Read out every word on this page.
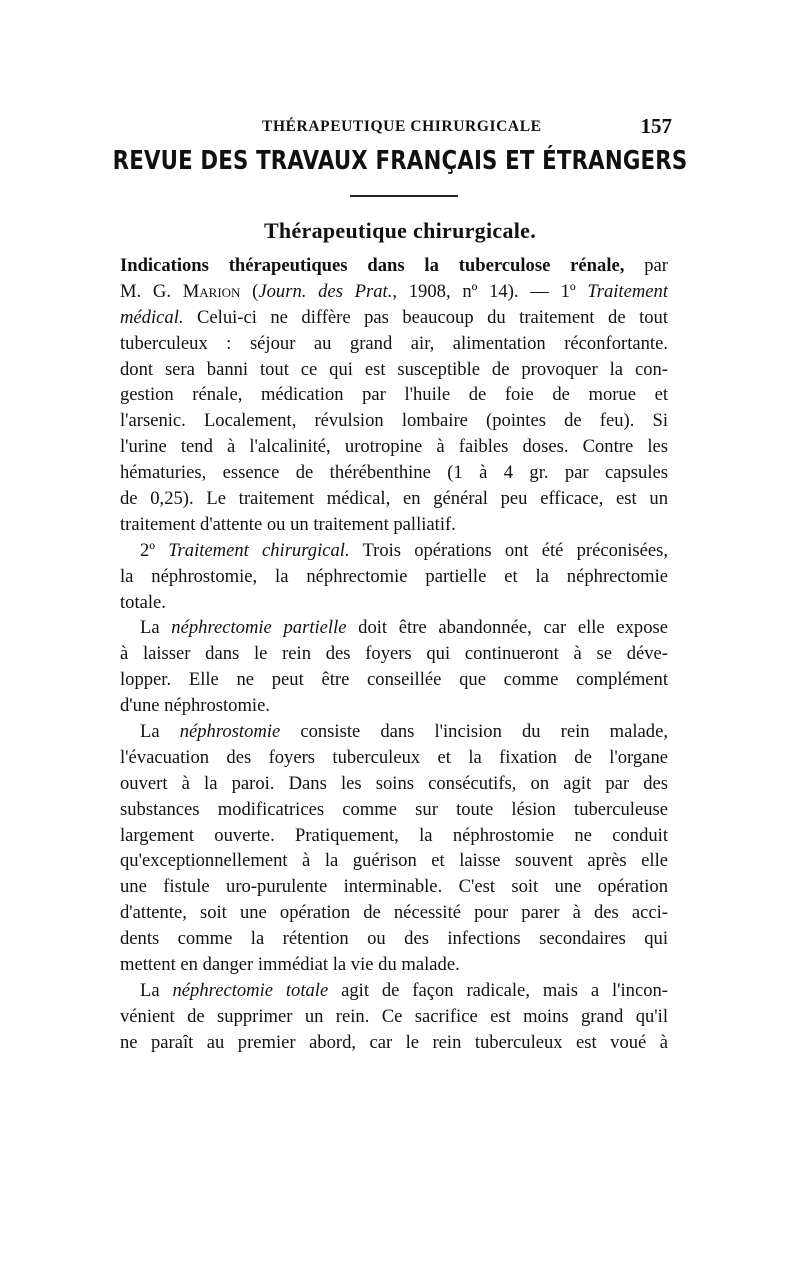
THÉRAPEUTIQUE CHIRURGICALE	157
REVUE DES TRAVAUX FRANÇAIS ET ÉTRANGERS
Thérapeutique chirurgicale.
Indications thérapeutiques dans la tuberculose rénale, par
M. G. Marion (Journ. des Prat., 1908, nº 14). — 1º Traitement
médical. Celui-ci ne diffère pas beaucoup du traitement de tout
tuberculeux : séjour au grand air, alimentation réconfortante.
dont sera banni tout ce qui est susceptible de provoquer la con-
gestion rénale, médication par l'huile de foie de morue et
l'arsenic. Localement, révulsion lombaire (pointes de feu). Si
l'urine tend à l'alcalinité, urotropine à faibles doses. Contre les
hématuries, essence de thérébenthine (1 à 4 gr. par capsules
de 0,25). Le traitement médical, en général peu efficace, est un
traitement d'attente ou un traitement palliatif.
2º Traitement chirurgical. Trois opérations ont été préconisées,
la néphrostomie, la néphrectomie partielle et la néphrectomie
totale.
La néphrectomie partielle doit être abandonnée, car elle expose
à laisser dans le rein des foyers qui continueront à se déve-
lopper. Elle ne peut être conseillée que comme complément
d'une néphrostomie.
La néphrostomie consiste dans l'incision du rein malade,
l'évacuation des foyers tuberculeux et la fixation de l'organe
ouvert à la paroi. Dans les soins consécutifs, on agit par des
substances modificatrices comme sur toute lésion tuberculeuse
largement ouverte. Pratiquement, la néphrostomie ne conduit
qu'exceptionnellement à la guérison et laisse souvent après elle
une fistule uro-purulente interminable. C'est soit une opération
d'attente, soit une opération de nécessité pour parer à des acci-
dents comme la rétention ou des infections secondaires qui
mettent en danger immédiat la vie du malade.
La néphrectomie totale agit de façon radicale, mais a l'incon-
vénient de supprimer un rein. Ce sacrifice est moins grand qu'il
ne paraît au premier abord, car le rein tuberculeux est voué à
